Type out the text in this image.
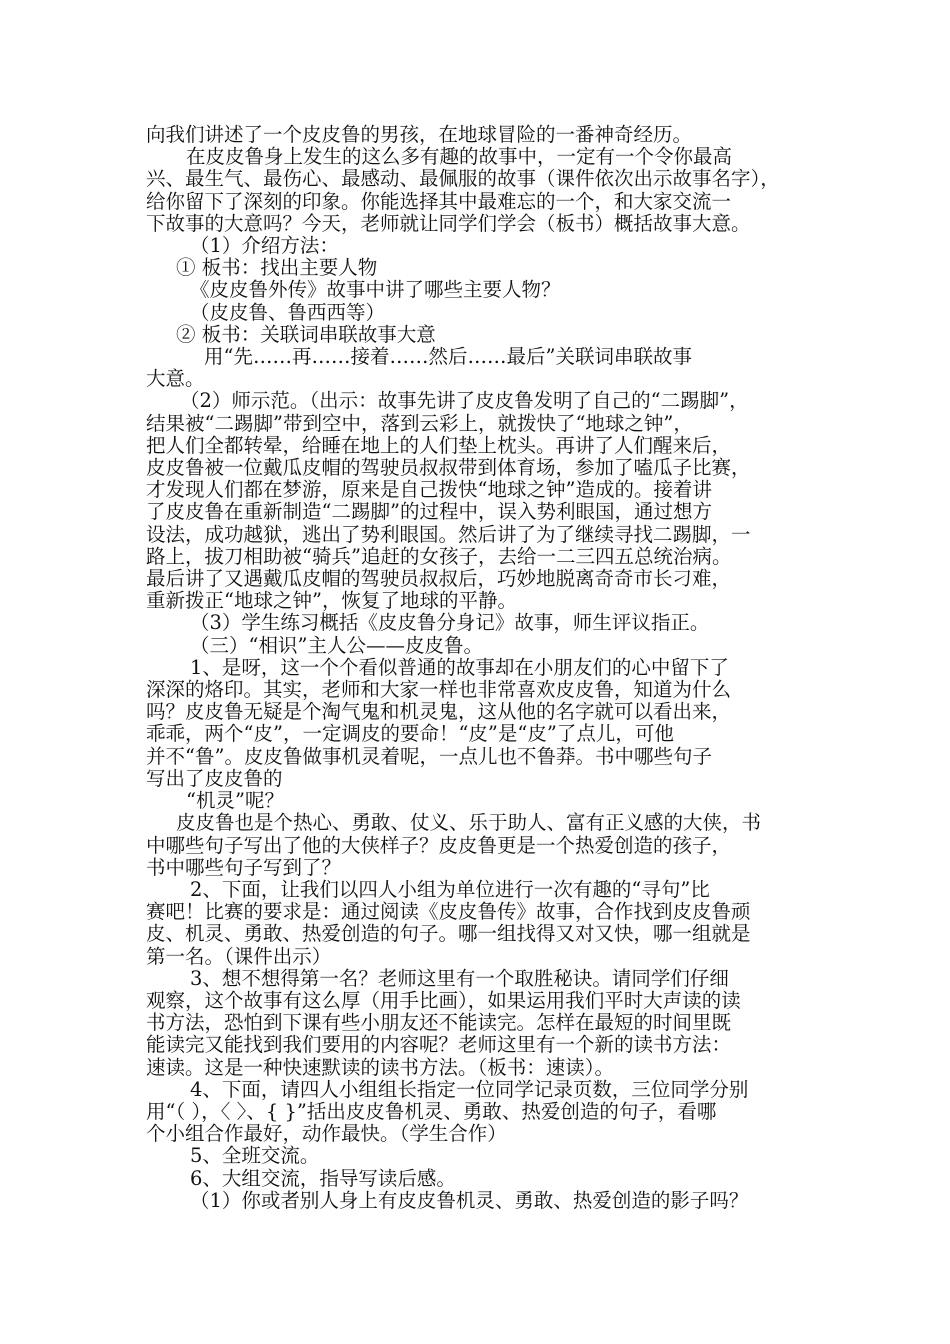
向我们讲述了一个皮皮鲁的男孩，在地球冒险的一番神奇经历。
在皮皮鲁身上发生的这么多有趣的故事中，一定有一个令你最高
兴、最生气、最伤心、最感动、最佩服的故事（课件依次出示故事名字），
给你留下了深刻的印象。你能选择其中最难忘的一个，和大家交流一
下故事的大意吗？今天，老师就让同学们学会（板书）概括故事大意。
（1）介绍方法：
① 板书：找出主要人物
《皮皮鲁外传》故事中讲了哪些主要人物？
（皮皮鲁、鲁西西等）
② 板书：关联词串联故事大意
用“先……再……接着……然后……最后”关联词串联故事
大意。
（2）师示范。（出示：故事先讲了皮皮鲁发明了自己的“二踢脚”，
结果被“二踢脚”带到空中，落到云彩上，就拨快了“地球之钟”，
把人们全都转晕，给睡在地上的人们垫上枕头。再讲了人们醒来后，
皮皮鲁被一位戴瓜皮帽的驾驶员叔叔带到体育场，参加了嗑瓜子比赛，
才发现人们都在梦游，原来是自己拨快“地球之钟”造成的。接着讲
了皮皮鲁在重新制造“二踢脚”的过程中，误入势利眼国，通过想方
设法，成功越狱，逃出了势利眼国。然后讲了为了继续寻找二踢脚，一
路上，拔刀相助被“骑兵”追赶的女孩子，去给一二三四五总统治病。
最后讲了又遇戴瓜皮帽的驾驶员叔叔后，巧妙地脱离奇奇市长刁难，
重新拨正“地球之钟”，恢复了地球的平静。
（3）学生练习概括《皮皮鲁分身记》故事，师生评议指正。
（三）“相识”主人公——皮皮鲁。
1、是呀，这一个个看似普通的故事却在小朋友们的心中留下了
深深的烙印。其实，老师和大家一样也非常喜欢皮皮鲁，知道为什么
吗？皮皮鲁无疑是个淘气鬼和机灵鬼，这从他的名字就可以看出来，
乖乖，两个“皮”，一定调皮的要命！“皮”是“皮”了点儿，可他
并不“鲁”。皮皮鲁做事机灵着呢，一点儿也不鲁莽。书中哪些句子
写出了皮皮鲁的
“机灵”呢？
皮皮鲁也是个热心、勇敢、仗义、乐于助人、富有正义感的大侠，书
中哪些句子写出了他的大侠样子？皮皮鲁更是一个热爱创造的孩子，
书中哪些句子写到了？
2、下面，让我们以四人小组为单位进行一次有趣的“寻句”比
赛吧！比赛的要求是：通过阅读《皮皮鲁传》故事，合作找到皮皮鲁顽
皮、机灵、勇敢、热爱创造的句子。哪一组找得又对又快，哪一组就是
第一名。（课件出示）
3、想不想得第一名？老师这里有一个取胜秘诀。请同学们仔细
观察，这个故事有这么厚（用手比画），如果运用我们平时大声读的读
书方法，恐怕到下课有些小朋友还不能读完。怎样在最短的时间里既
能读完又能找到我们要用的内容呢？老师这里有一个新的读书方法：
速读。这是一种快速默读的读书方法。（板书：速读）。
4、下面，请四人小组组长指定一位同学记录页数，三位同学分别
用“（ ），〈 〉、{ }”括出皮皮鲁机灵、勇敢、热爱创造的句子，看哪
个小组合作最好，动作最快。（学生合作）
5、全班交流。
6、大组交流，指导写读后感。
（1）你或者别人身上有皮皮鲁机灵、勇敢、热爱创造的影子吗？
